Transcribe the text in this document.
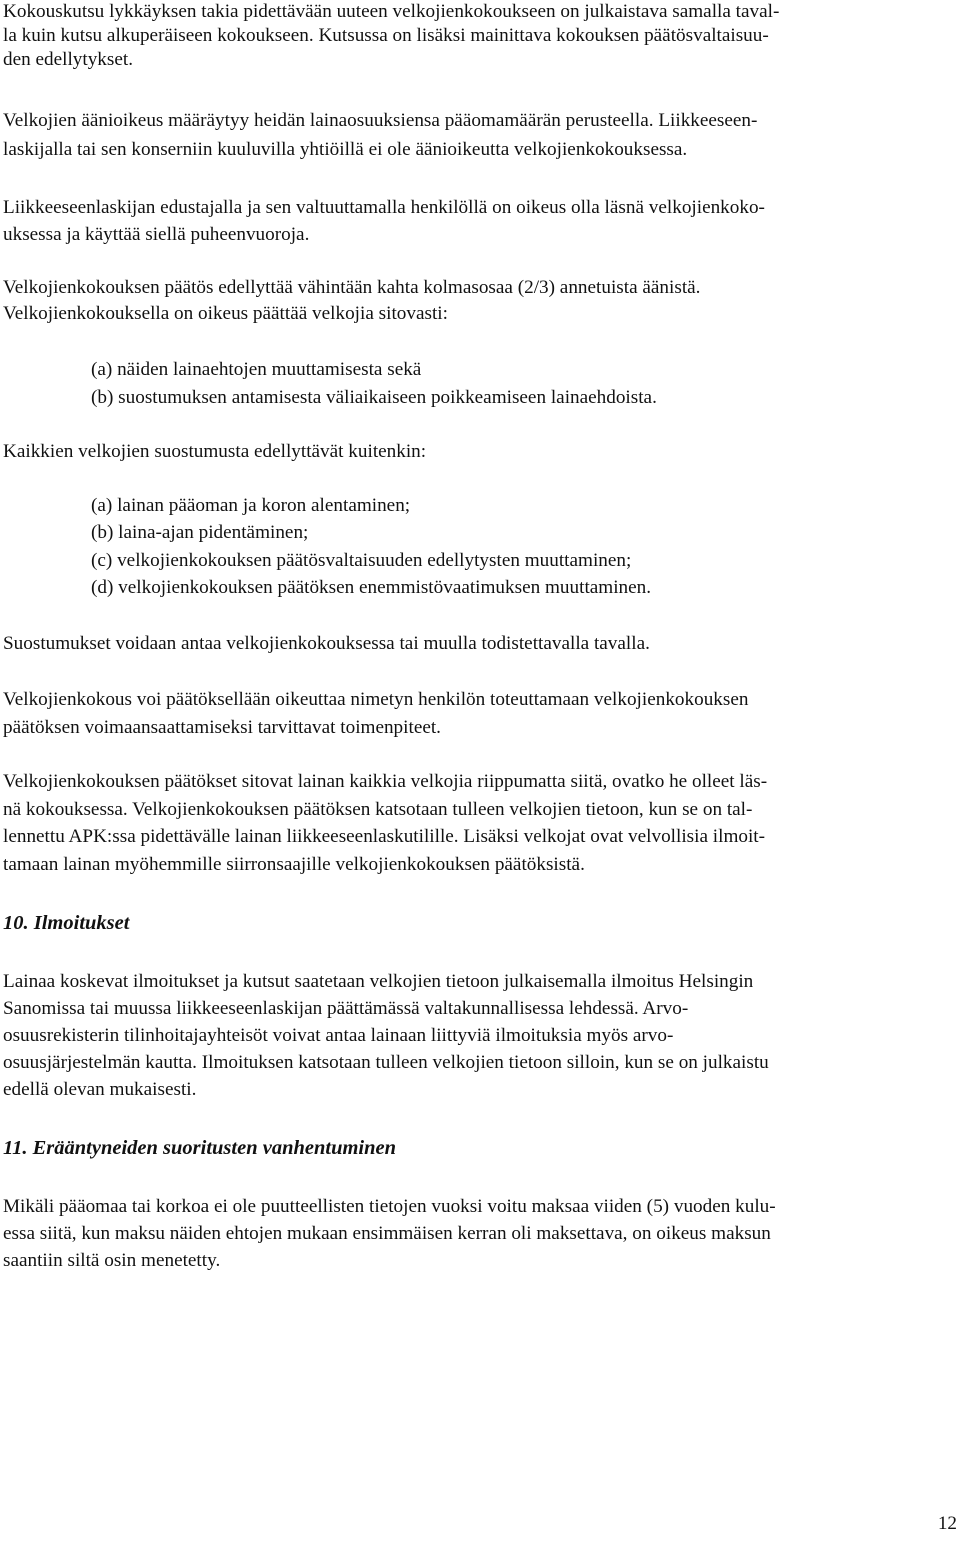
Kokouskutsu lykkäyksen takia pidettävään uuteen velkojienkokoukseen on julkaistava samalla taval-
la kuin kutsu alkuperäiseen kokoukseen. Kutsussa on lisäksi mainittava kokouksen päätösvaltaisuu-
den edellytykset.
Velkojien äänioikeus määräytyy heidän lainaosuuksiensa pääomamäärän perusteella. Liikkeeseen-
laskijalla tai sen konserniin kuuluvilla yhtiöillä ei ole äänioikeutta velkojienkokouksessa.
Liikkeeseenlaskijan edustajalla ja sen valtuuttamalla henkilöllä on oikeus olla läsnä velkojienkoko-
uksessa ja käyttää siellä puheenvuoroja.
Velkojienkokouksen päätös edellyttää vähintään kahta kolmasosaa (2/3) annetuista äänistä.
Velkojienkokouksella on oikeus päättää velkojia sitovasti:
(a) näiden lainaehtojen muuttamisesta sekä
(b) suostumuksen antamisesta väliaikaiseen poikkeamiseen lainaehdoista.
Kaikkien velkojien suostumusta edellyttävät kuitenkin:
(a) lainan pääoman ja koron alentaminen;
(b) laina-ajan pidentäminen;
(c) velkojienkokouksen päätösvaltaisuuden edellytysten muuttaminen;
(d) velkojienkokouksen päätöksen enemmistövaatimuksen muuttaminen.
Suostumukset voidaan antaa velkojienkokouksessa tai muulla todistettavalla tavalla.
Velkojienkokous voi päätöksellään oikeuttaa nimetyn henkilön toteuttamaan velkojienkokouksen
päätöksen voimaansaattamiseksi tarvittavat toimenpiteet.
Velkojienkokouksen päätökset sitovat lainan kaikkia velkojia riippumatta siitä, ovatko he olleet läs-
nä kokouksessa. Velkojienkokouksen päätöksen katsotaan tulleen velkojien tietoon, kun se on tal-
lennettu APK:ssa pidettävälle lainan liikkeeseenlaskutilille. Lisäksi velkojat ovat velvollisia ilmoit-
tamaan lainan myöhemmille siirronsaajille velkojienkokouksen päätöksistä.
10. Ilmoitukset
Lainaa koskevat ilmoitukset ja kutsut saatetaan velkojien tietoon julkaisemalla ilmoitus Helsingin
Sanomissa tai muussa liikkeeseenlaskijan päättämässä valtakunnallisessa lehdessä. Arvo-
osuusrekisterin tilinhoitajayhteisöt voivat antaa lainaan liittyviä ilmoituksia myös arvo-
osuusjärjestelmän kautta. Ilmoituksen katsotaan tulleen velkojien tietoon silloin, kun se on julkaistu
edellä olevan mukaisesti.
11. Erääntyneiden suoritusten vanhentuminen
Mikäli pääomaa tai korkoa ei ole puutteellisten tietojen vuoksi voitu maksaa viiden (5) vuoden kulu-
essa siitä, kun maksu näiden ehtojen mukaan ensimmäisen kerran oli maksettava, on oikeus maksun
saantiin siltä osin menetetty.
12
